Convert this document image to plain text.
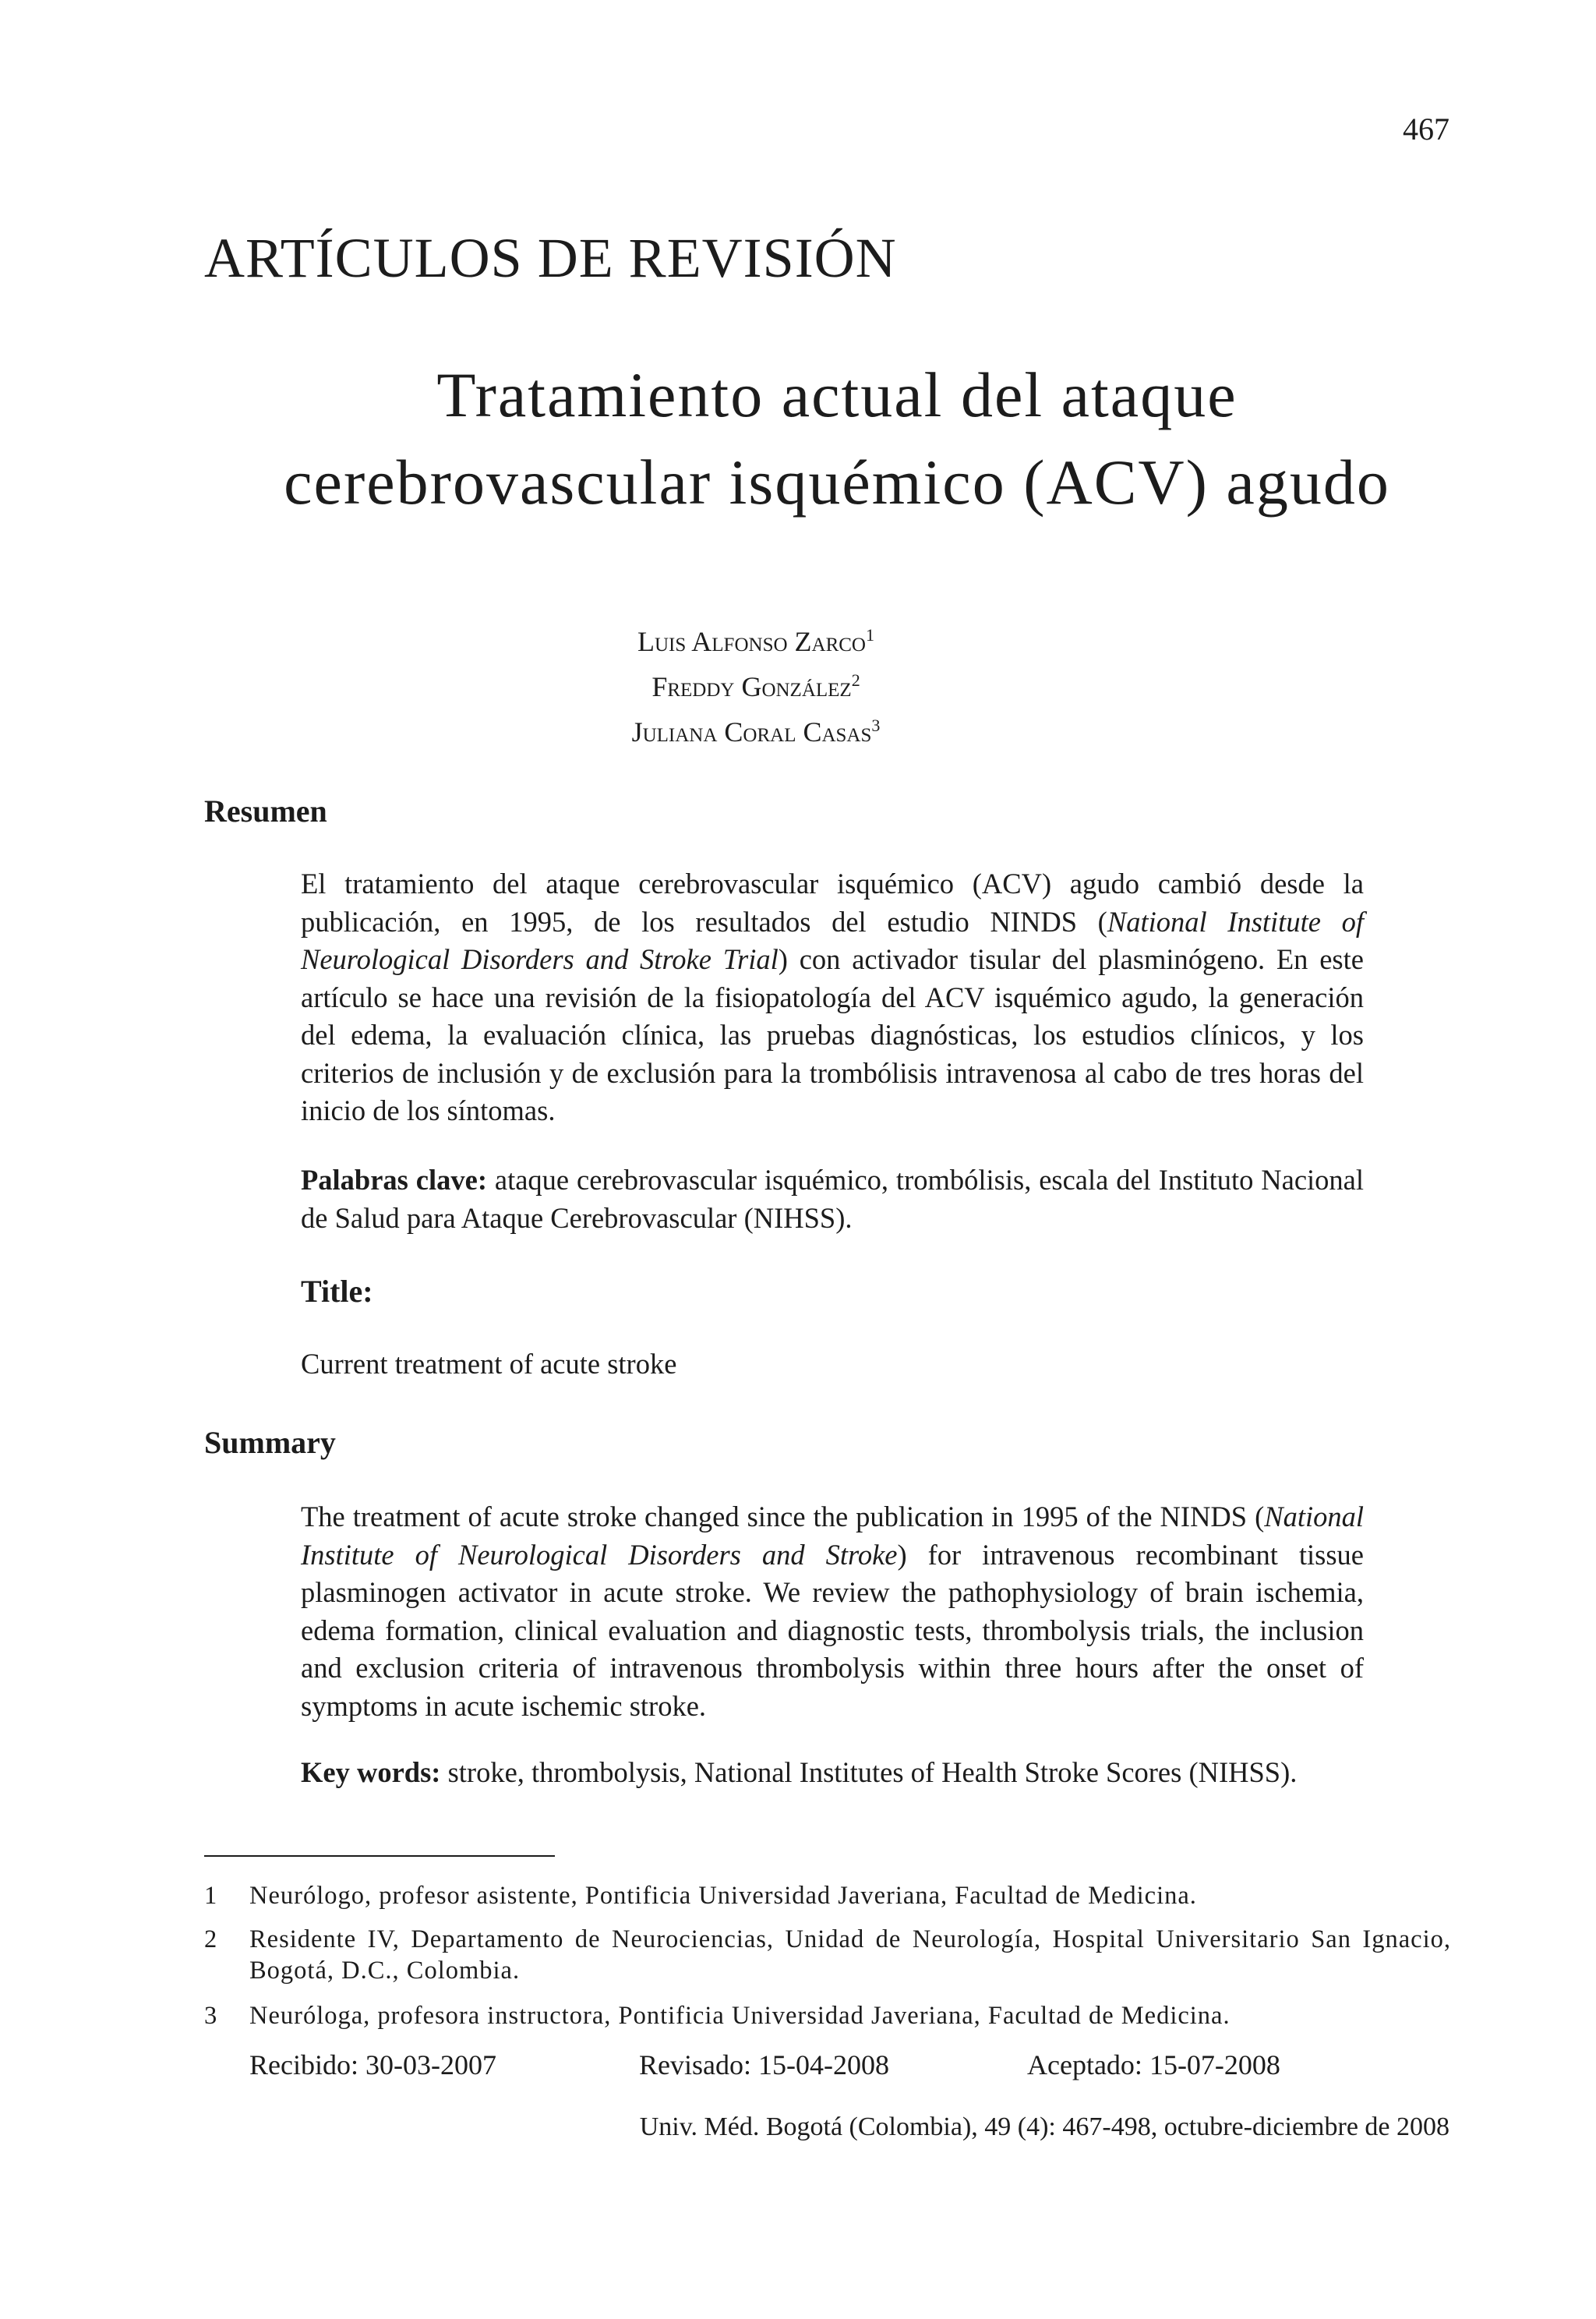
467
ARTÍCULOS DE REVISIÓN
Tratamiento actual del ataque
cerebrovascular isquémico (ACV) agudo
Luis Alfonso Zarco$^1$
Freddy González$^2$
Juliana Coral Casas$^3$
Resumen
El tratamiento del ataque cerebrovascular isquémico (ACV) agudo cambió desde la publicación, en 1995, de los resultados del estudio NINDS (National Institute of Neurological Disorders and Stroke Trial) con activador tisular del plasminógeno. En este artículo se hace una revisión de la fisiopatología del ACV isquémico agudo, la generación del edema, la evaluación clínica, las pruebas diagnósticas, los estudios clínicos, y los criterios de inclusión y de exclusión para la trombólisis intravenosa al cabo de tres horas del inicio de los síntomas.
Palabras clave: ataque cerebrovascular isquémico, trombólisis, escala del Instituto Nacional de Salud para Ataque Cerebrovascular (NIHSS).
Title:
Current treatment of acute stroke
Summary
The treatment of acute stroke changed since the publication in 1995 of the NINDS (National Institute of Neurological Disorders and Stroke) for intravenous recombinant tissue plasminogen activator in acute stroke. We review the pathophysiology of brain ischemia, edema formation, clinical evaluation and diagnostic tests, thrombolysis trials, the inclusion and exclusion criteria of intravenous thrombolysis within three hours after the onset of symptoms in acute ischemic stroke.
Key words: stroke, thrombolysis, National Institutes of Health Stroke Scores (NIHSS).
1 Neurólogo, profesor asistente, Pontificia Universidad Javeriana, Facultad de Medicina.
2 Residente IV, Departamento de Neurociencias, Unidad de Neurología, Hospital Universitario San Ignacio, Bogotá, D.C., Colombia.
3 Neuróloga, profesora instructora, Pontificia Universidad Javeriana, Facultad de Medicina.
Recibido: 30-03-2007	Revisado: 15-04-2008	Aceptado: 15-07-2008
Univ. Méd. Bogotá (Colombia), 49 (4): 467-498, octubre-diciembre de 2008
